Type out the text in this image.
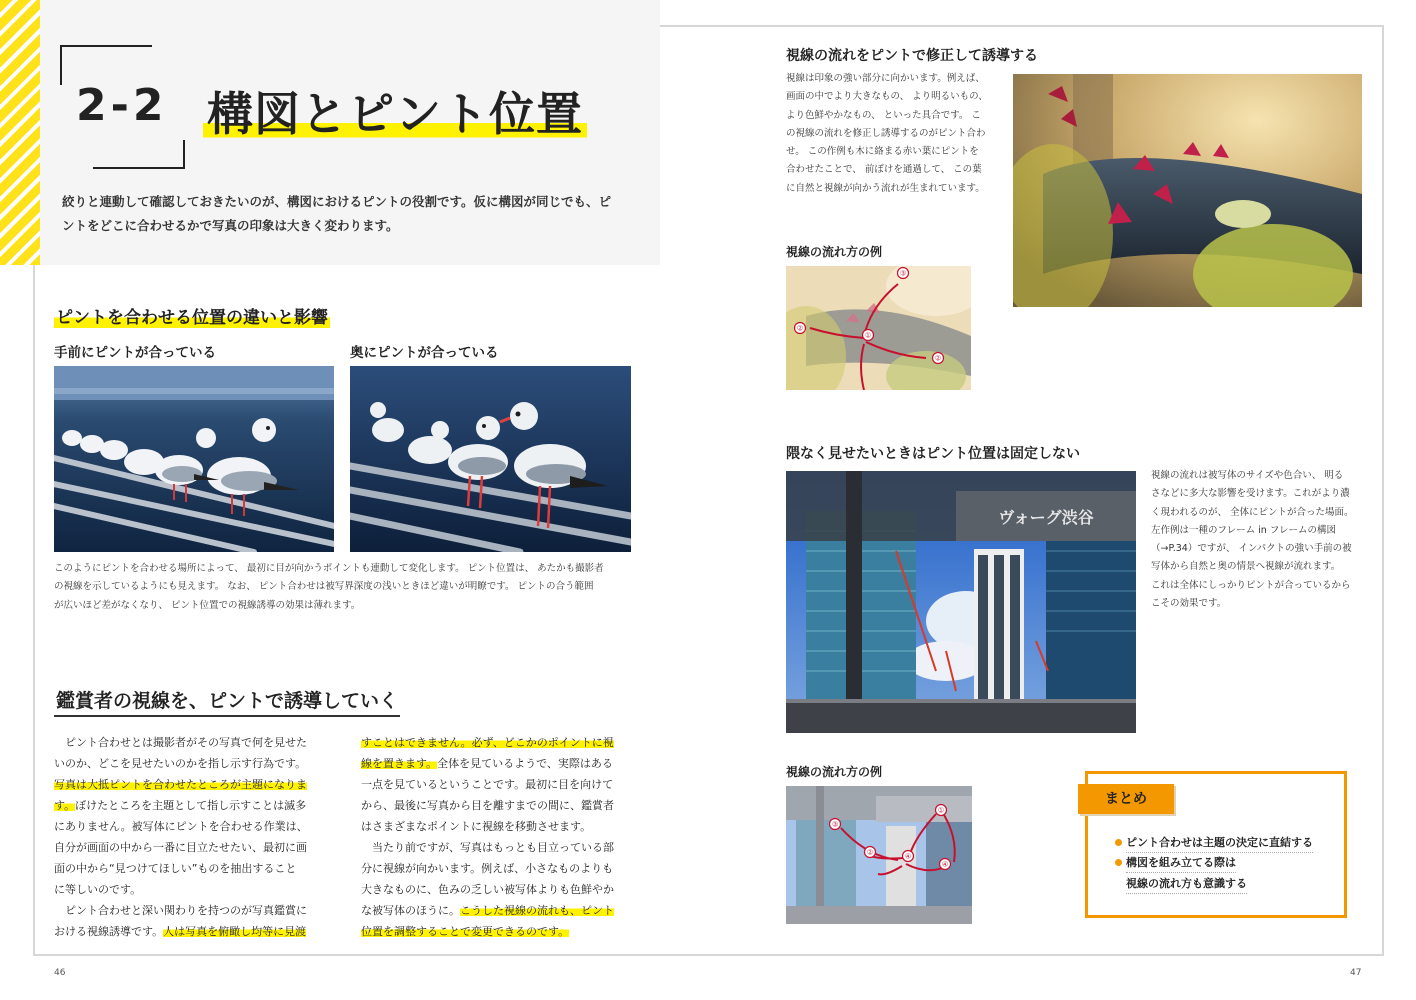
2-2 構図とピント位置
絞りと連動して確認しておきたいのが、構図におけるピントの役割です。仮に構図が同じでも、ピ
ントをどこに合わせるかで写真の印象は大きく変わります。
ピントを合わせる位置の違いと影響
手前にピントが合っている	奥にピントが合っている
このようにピントを合わせる場所によって、 最初に目が向かうポイントも連動して変化します。 ピント位置は、 あたかも撮影者
の視線を示しているようにも見えます。 なお、 ピント合わせは被写界深度の浅いときほど違いが明瞭です。 ピントの合う範囲
が広いほど差がなくなり、 ピント位置での視線誘導の効果は薄れます。
鑑賞者の視線を、ピントで誘導していく

ピント合わせとは撮影者がその写真で何を見せた

いのか、どこを見せたいのかを指し示す行為です。
写真は大抵ピントを合わせたところが主題になりま
す。ぼけたところを主題として指し示すことは滅多
にありません。被写体にピントを合わせる作業は、
自分が画面の中から一番に目立たせたい、最初に画
面の中から“見つけてほしい”ものを抽出すること
に等しいのです。

ピント合わせと深い関わりを持つのが写真鑑賞に

おける視線誘導です。人は写真を俯瞰し均等に見渡
すことはできません。必ず、どこかのポイントに視
線を置きます。全体を見ているようで、実際はある
一点を見ているということです。最初に目を向けて
から、最後に写真から目を離すまでの間に、鑑賞者
はさまざまなポイントに視線を移動させます。

当たり前ですが、写真はもっとも目立っている部

分に視線が向かいます。例えば、小さなものよりも
大きなものに、色みの乏しい被写体よりも色鮮やか
な被写体のほうに。こうした視線の流れも、ピント
位置を調整することで変更できるのです。
視線の流れをピントで修正して誘導する
視線は印象の強い部分に向かいます。例えば、
画面の中でより大きなもの、 より明るいもの、
より色鮮やかなもの、 といった具合です。 こ
の視線の流れを修正し誘導するのがピント合わ
せ。 この作例も木に絡まる赤い葉にピントを
合わせたことで、 前ぼけを通過して、 この葉
に自然と視線が向かう流れが生まれています。
視線の流れ方の例
①
②
③
②
隈なく見せたいときはピント位置は固定しない
ヴォーグ渋谷
視線の流れは被写体のサイズや色合い、 明る
さなどに多大な影響を受けます。これがより濃
く現われるのが、 全体にピントが合った場面。
左作例は一種のフレーム in フレームの構図
（→P.34）ですが、 インパクトの強い手前の被
写体から自然と奥の情景へ視線が流れます。
これは全体にしっかりピントが合っているから
こその効果です。
視線の流れ方の例
①
②
③
④
④
まとめ
ピント合わせは主題の決定に直結する
構図を組み立てる際は
視線の流れ方も意識する
46	47
